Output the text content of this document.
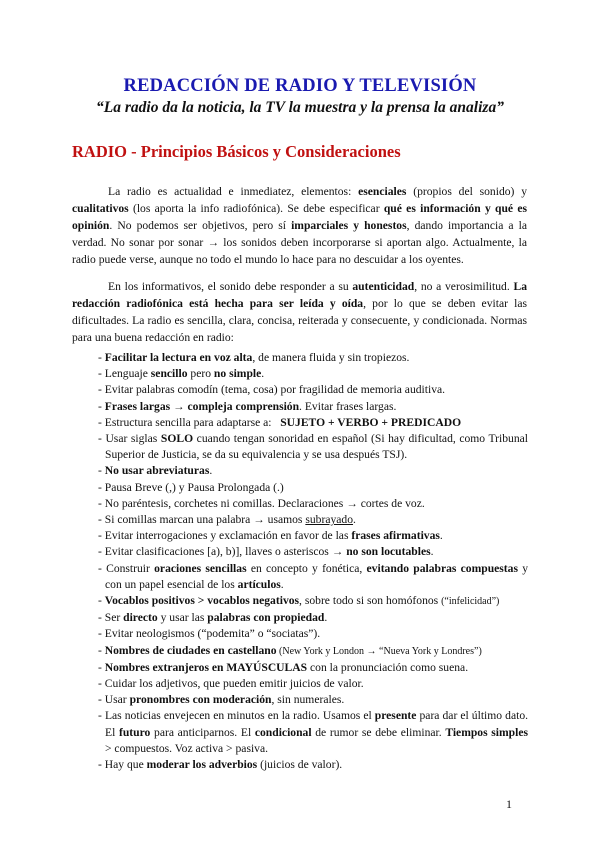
REDACCIÓN DE RADIO Y TELEVISIÓN

“La radio da la noticia, la TV la muestra y la prensa la analiza”

RADIO - Principios Básicos y Consideraciones

La radio es actualidad e inmediatez, elementos: esenciales (propios del sonido) y cualitativos (los aporta la info radiofónica). Se debe especificar qué es información y qué es opinión. No podemos ser objetivos, pero sí imparciales y honestos, dando importancia a la verdad. No sonar por sonar → los sonidos deben incorporarse si aportan algo. Actualmente, la radio puede verse, aunque no todo el mundo lo hace para no descuidar a los oyentes.

En los informativos, el sonido debe responder a su autenticidad, no a verosimilitud. La redacción radiofónica está hecha para ser leída y oída, por lo que se deben evitar las dificultades. La radio es sencilla, clara, concisa, reiterada y consecuente, y condicionada. Normas para una buena redacción en radio:

- Facilitar la lectura en voz alta, de manera fluida y sin tropiezos.
- Lenguaje sencillo pero no simple.
- Evitar palabras comodín (tema, cosa) por fragilidad de memoria auditiva.
- Frases largas → compleja comprensión. Evitar frases largas.
- Estructura sencilla para adaptarse a:   SUJETO + VERBO + PREDICADO
- Usar siglas SOLO cuando tengan sonoridad en español (Si hay dificultad, como Tribunal Superior de Justicia, se da su equivalencia y se usa después TSJ).
- No usar abreviaturas.
- Pausa Breve (,) y Pausa Prolongada (.)
- No paréntesis, corchetes ni comillas. Declaraciones → cortes de voz.
- Si comillas marcan una palabra → usamos subrayado.
- Evitar interrogaciones y exclamación en favor de las frases afirmativas.
- Evitar clasificaciones [a), b)], llaves o asteriscos → no son locutables.
- Construir oraciones sencillas en concepto y fonética, evitando palabras compuestas y con un papel esencial de los artículos.
- Vocablos positivos > vocablos negativos, sobre todo si son homófonos (“infelicidad”)
- Ser directo y usar las palabras con propiedad.
- Evitar neologismos (“podemita” o “sociatas”).
- Nombres de ciudades en castellano (New York y London → “Nueva York y Londres”)
- Nombres extranjeros en MAYÚSCULAS con la pronunciación como suena.
- Cuidar los adjetivos, que pueden emitir juicios de valor.
- Usar pronombres con moderación, sin numerales.
- Las noticias envejecen en minutos en la radio. Usamos el presente para dar el último dato. El futuro para anticiparnos. El condicional de rumor se debe eliminar. Tiempos simples > compuestos. Voz activa > pasiva.
- Hay que moderar los adverbios (juicios de valor).

1
